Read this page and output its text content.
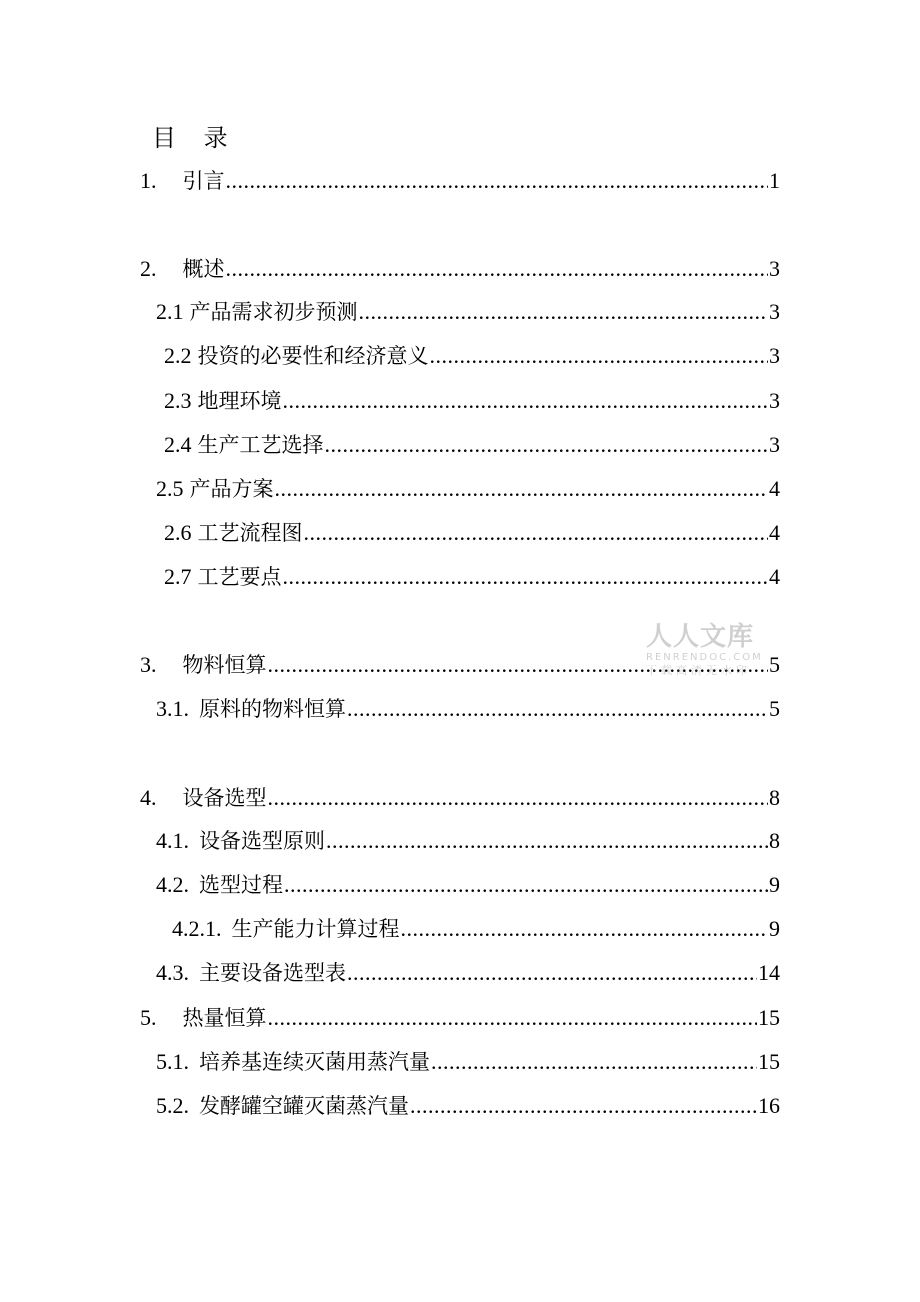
目 录
1. 引言 .....	1
2. 概述 .....	3
2.1 产品需求初步预测 .....	3
2.2 投资的必要性和经济意义 .....	3
2.3 地理环境 .....	3
2.4 生产工艺选择 .....	3
2.5 产品方案 .....	4
2.6 工艺流程图 .....	4
2.7 工艺要点 .....	4
3. 物料恒算 .....	5
3.1. 原料的物料恒算 .....	5
4. 设备选型 .....	8
4.1. 设备选型原则 .....	8
4.2. 选型过程 .....	9
4.2.1. 生产能力计算过程 .....	9
4.3. 主要设备选型表 .....	14
5. 热量恒算 .....	15
5.1. 培养基连续灭菌用蒸汽量 .....	15
5.2. 发酵罐空罐灭菌蒸汽量 .....	16
人人文库
RENRENDOC.COM
下载高清无水印
